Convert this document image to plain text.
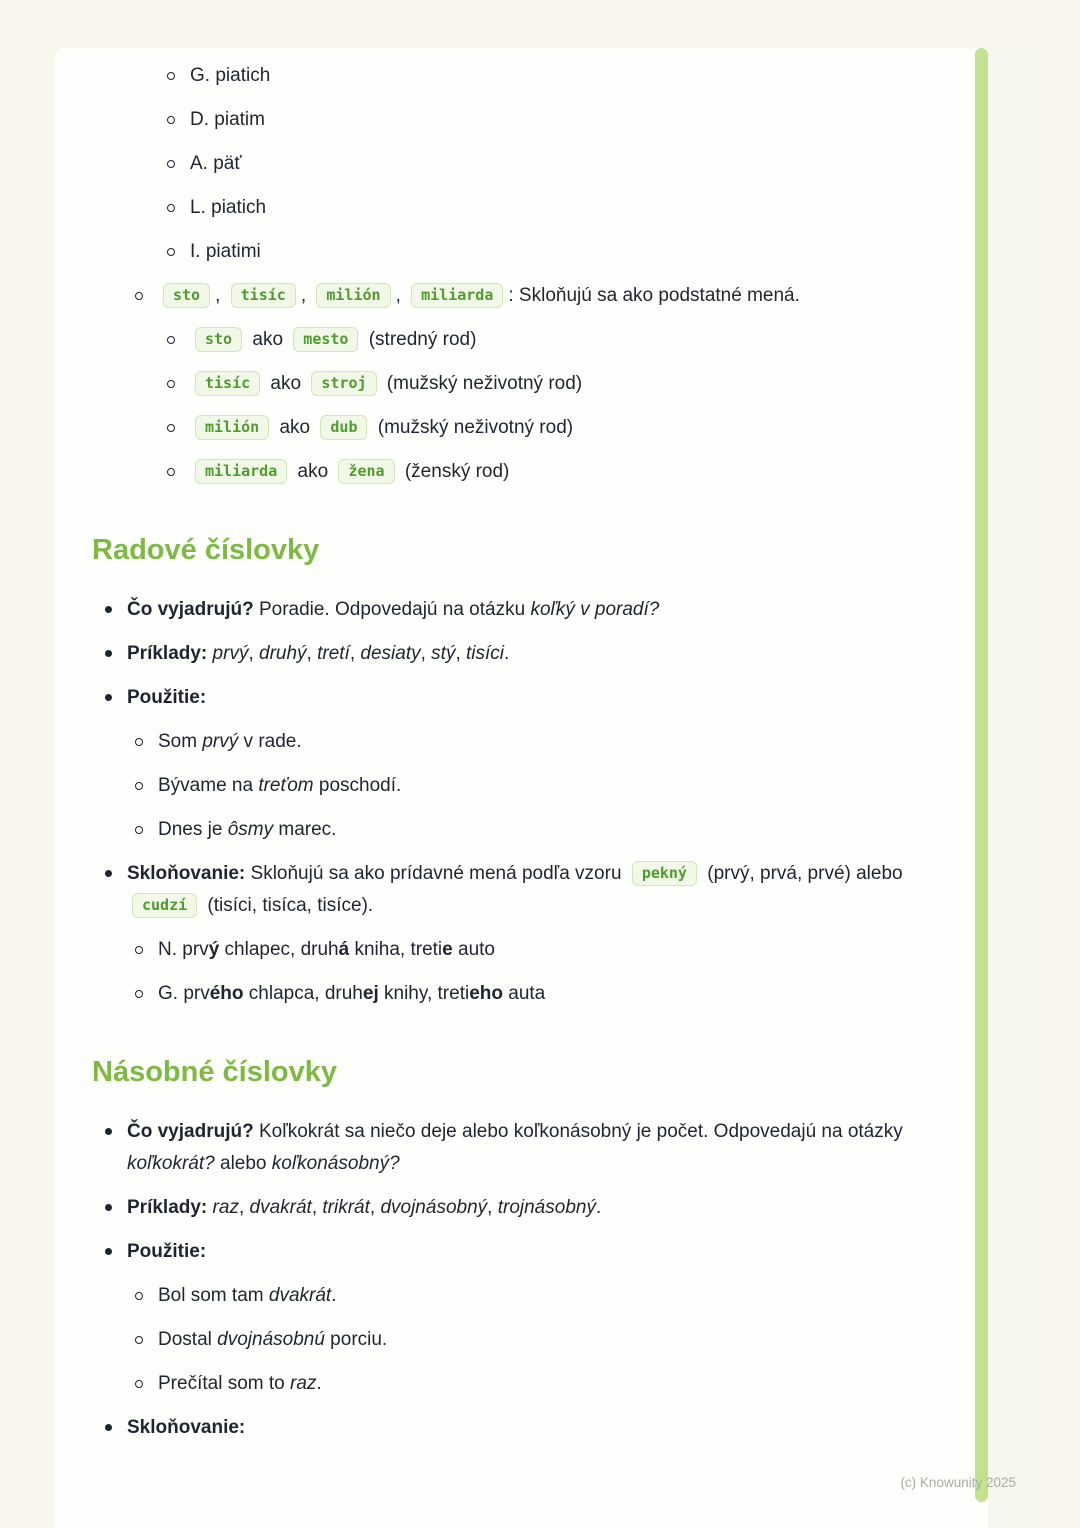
G. piatich
D. piatim
A. päť
L. piatich
I. piatimi
sto , tisíc , milión , miliarda : Skloňujú sa ako podstatné mená.
sto ako mesto (stredný rod)
tisíc ako stroj (mužský neživotný rod)
milión ako dub (mužský neživotný rod)
miliarda ako žena (ženský rod)
Radové číslovky
Čo vyjadrujú? Poradie. Odpovedajú na otázku koľký v poradí?
Príklady: prvý, druhý, tretí, desiaty, stý, tisíci.
Použitie:
Som prvý v rade.
Bývame na treťom poschodí.
Dnes je ôsmy marec.
Skloňovanie: Skloňujú sa ako prídavné mená podľa vzoru pekný (prvý, prvá, prvé) alebo cudzí (tisíci, tisíca, tisíce).
N. prvý chlapec, druhá kniha, tretie auto
G. prvého chlapca, druhej knihy, tretieho auta
Násobné číslovky
Čo vyjadrujú? Koľkokrát sa niečo deje alebo koľkonásobný je počet. Odpovedajú na otázky koľkokrát? alebo koľkonásobný?
Príklady: raz, dvakrát, trikrát, dvojnásobný, trojnásobný.
Použitie:
Bol som tam dvakrát.
Dostal dvojnásobnú porciu.
Prečítal som to raz.
Skloňovanie:
(c) Knowunity 2025
